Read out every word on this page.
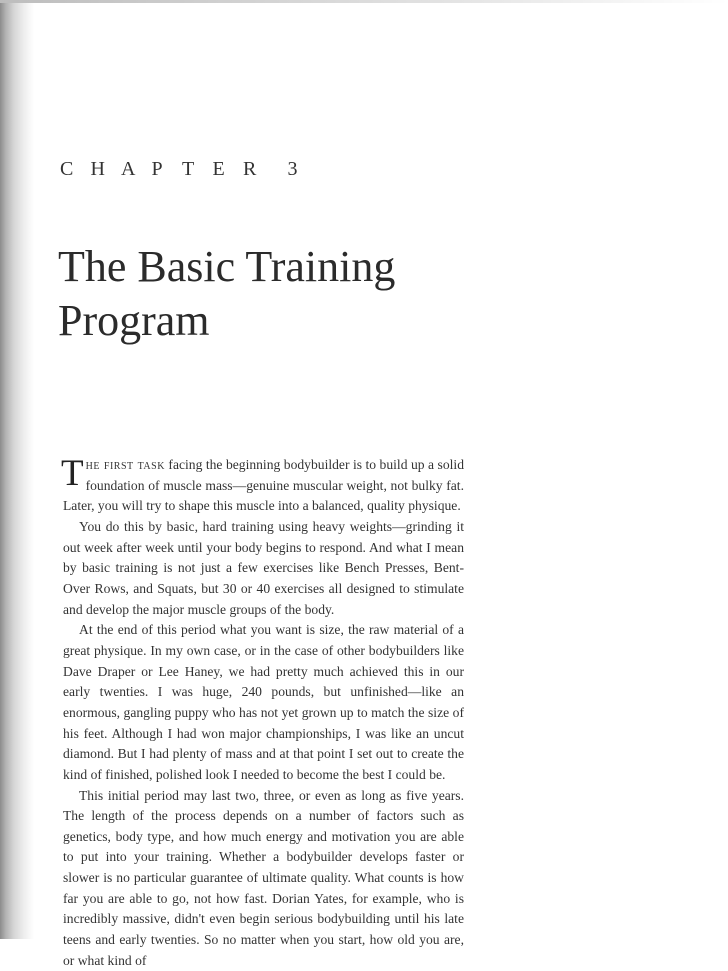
C H A P T E R	3
The Basic Training
Program

The first task facing the beginning bodybuilder is to build up a solid foundation of muscle mass—genuine muscular weight, not bulky fat. Later, you will try to shape this muscle into a balanced, quality physique.

You do this by basic, hard training using heavy weights—grinding it out week after week until your body begins to respond. And what I mean by basic training is not just a few exercises like Bench Presses, Bent-Over Rows, and Squats, but 30 or 40 exercises all designed to stimulate and develop the major muscle groups of the body.

At the end of this period what you want is size, the raw material of a great physique. In my own case, or in the case of other bodybuilders like Dave Draper or Lee Haney, we had pretty much achieved this in our early twenties. I was huge, 240 pounds, but unfinished—like an enormous, gangling puppy who has not yet grown up to match the size of his feet. Although I had won major championships, I was like an uncut diamond. But I had plenty of mass and at that point I set out to create the kind of finished, polished look I needed to become the best I could be.

This initial period may last two, three, or even as long as five years. The length of the process depends on a number of factors such as genetics, body type, and how much energy and motivation you are able to put into your training. Whether a bodybuilder develops faster or slower is no particular guarantee of ultimate quality. What counts is how far you are able to go, not how fast. Dorian Yates, for example, who is incredibly massive, didn't even begin serious bodybuilding until his late teens and early twenties. So no matter when you start, how old you are, or what kind of
